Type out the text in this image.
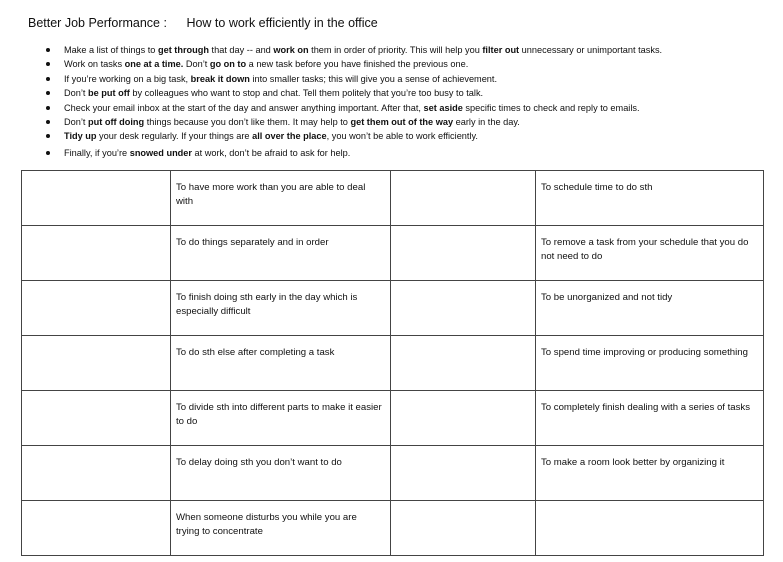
Better Job Performance : How to work efficiently in the office
Make a list of things to get through that day -- and work on them in order of priority. This will help you filter out unnecessary or unimportant tasks.
Work on tasks one at a time. Don’t go on to a new task before you have finished the previous one.
If you’re working on a big task, break it down into smaller tasks; this will give you a sense of achievement.
Don’t be put off by colleagues who want to stop and chat. Tell them politely that you’re too busy to talk.
Check your email inbox at the start of the day and answer anything important. After that, set aside specific times to check and reply to emails.
Don’t put off doing things because you don’t like them. It may help to get them out of the way early in the day.
Tidy up your desk regularly. If your things are all over the place, you won’t be able to work efficiently.
Finally, if you’re snowed under at work, don’t be afraid to ask for help.
	To have more work than you are able to deal with		To schedule time to do sth
	To do things separately and in order		To remove a task from your schedule that you do not need to do
	To finish doing sth early in the day which is especially difficult		To be unorganized and not tidy
	To do sth else after completing a task		To spend time improving or producing something
	To divide sth into different parts to make it easier to do		To completely finish dealing with a series of tasks
	To delay doing sth you don’t want to do		To make a room look better by organizing it
	When someone disturbs you while you are trying to concentrate		
